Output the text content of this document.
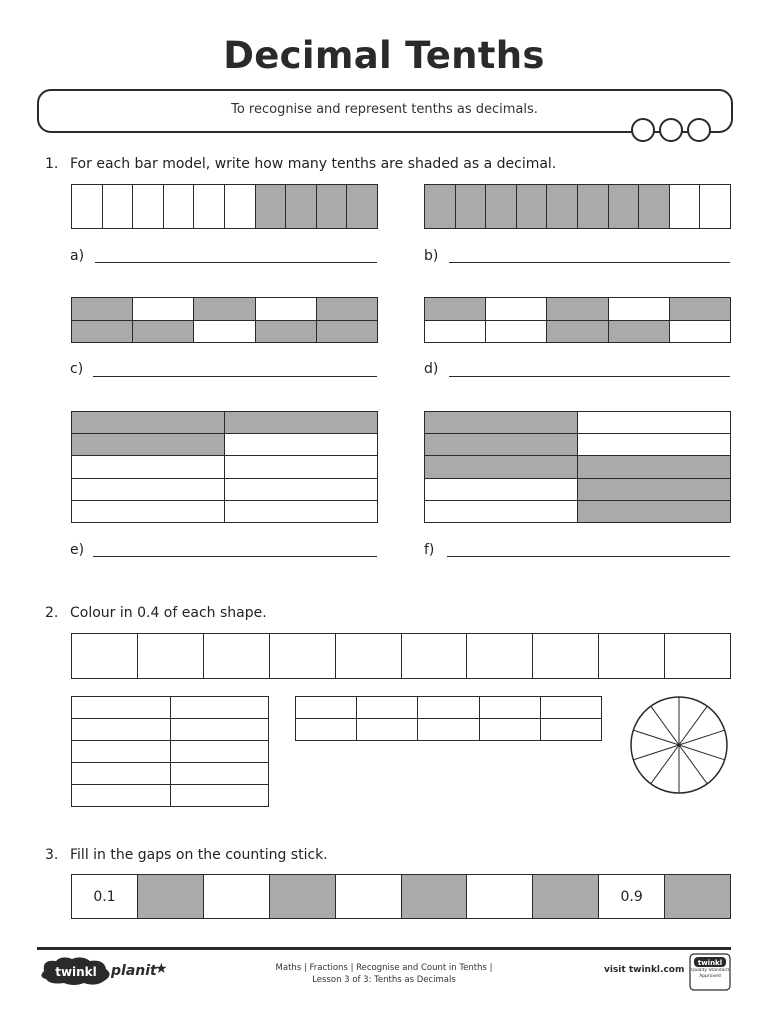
Decimal Tenths
To recognise and represent tenths as decimals.
1. For each bar model, write how many tenths are shaded as a decimal.
a)	b)
c)	d)
e)	f)
2. Colour in 0.4 of each shape.
3. Fill in the gaps on the counting stick.
0.1	0.9
twinkl planit
★	Maths | Fractions | Recognise and Count in Tenths |
Lesson 3 of 3: Tenths as Decimals
visit twinkl.com
twinkl
Quality Standard Approved
